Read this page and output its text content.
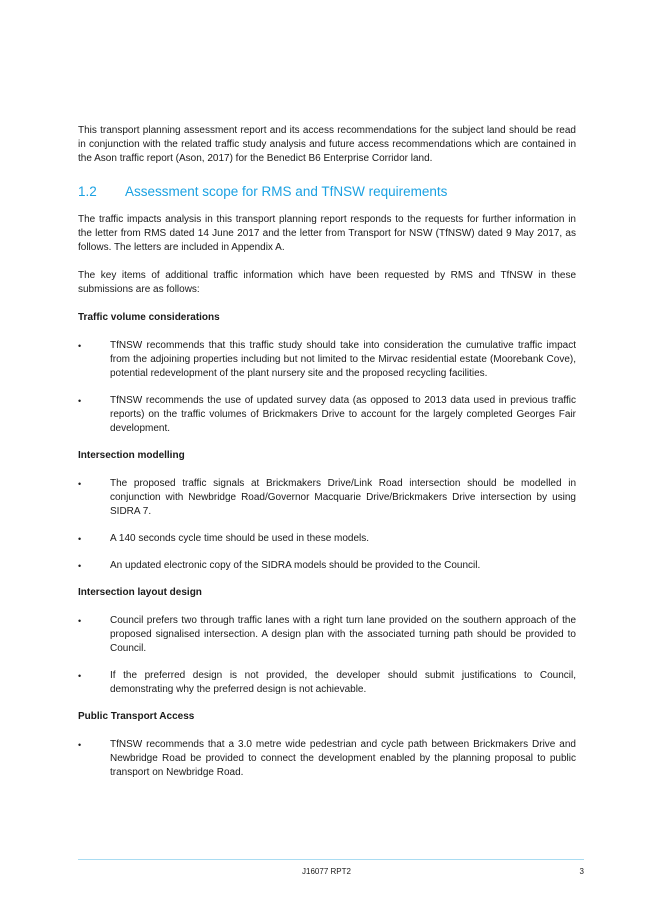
This transport planning assessment report and its access recommendations for the subject land should be read in conjunction with the related traffic study analysis and future access recommendations which are contained in the Ason traffic report (Ason, 2017) for the Benedict B6 Enterprise Corridor land.

1.2	Assessment scope for RMS and TfNSW requirements

The traffic impacts analysis in this transport planning report responds to the requests for further information in the letter from RMS dated 14 June 2017 and the letter from Transport for NSW (TfNSW) dated 9 May 2017, as follows. The letters are included in Appendix A.

The key items of additional traffic information which have been requested by RMS and TfNSW in these submissions are as follows:

Traffic volume considerations
•	TfNSW recommends that this traffic study should take into consideration the cumulative traffic impact from the adjoining properties including but not limited to the Mirvac residential estate (Moorebank Cove), potential redevelopment of the plant nursery site and the proposed recycling facilities.
•	TfNSW recommends the use of updated survey data (as opposed to 2013 data used in previous traffic reports) on the traffic volumes of Brickmakers Drive to account for the largely completed Georges Fair development.
Intersection modelling
•	The proposed traffic signals at Brickmakers Drive/Link Road intersection should be modelled in conjunction with Newbridge Road/Governor Macquarie Drive/Brickmakers Drive intersection by using SIDRA 7.
•	A 140 seconds cycle time should be used in these models.
•	An updated electronic copy of the SIDRA models should be provided to the Council.
Intersection layout design
•	Council prefers two through traffic lanes with a right turn lane provided on the southern approach of the proposed signalised intersection. A design plan with the associated turning path should be provided to Council.
•	If the preferred design is not provided, the developer should submit justifications to Council, demonstrating why the preferred design is not achievable.
Public Transport Access
•	TfNSW recommends that a 3.0 metre wide pedestrian and cycle path between Brickmakers Drive and Newbridge Road be provided to connect the development enabled by the planning proposal to public transport on Newbridge Road.
J16077 RPT2	3
